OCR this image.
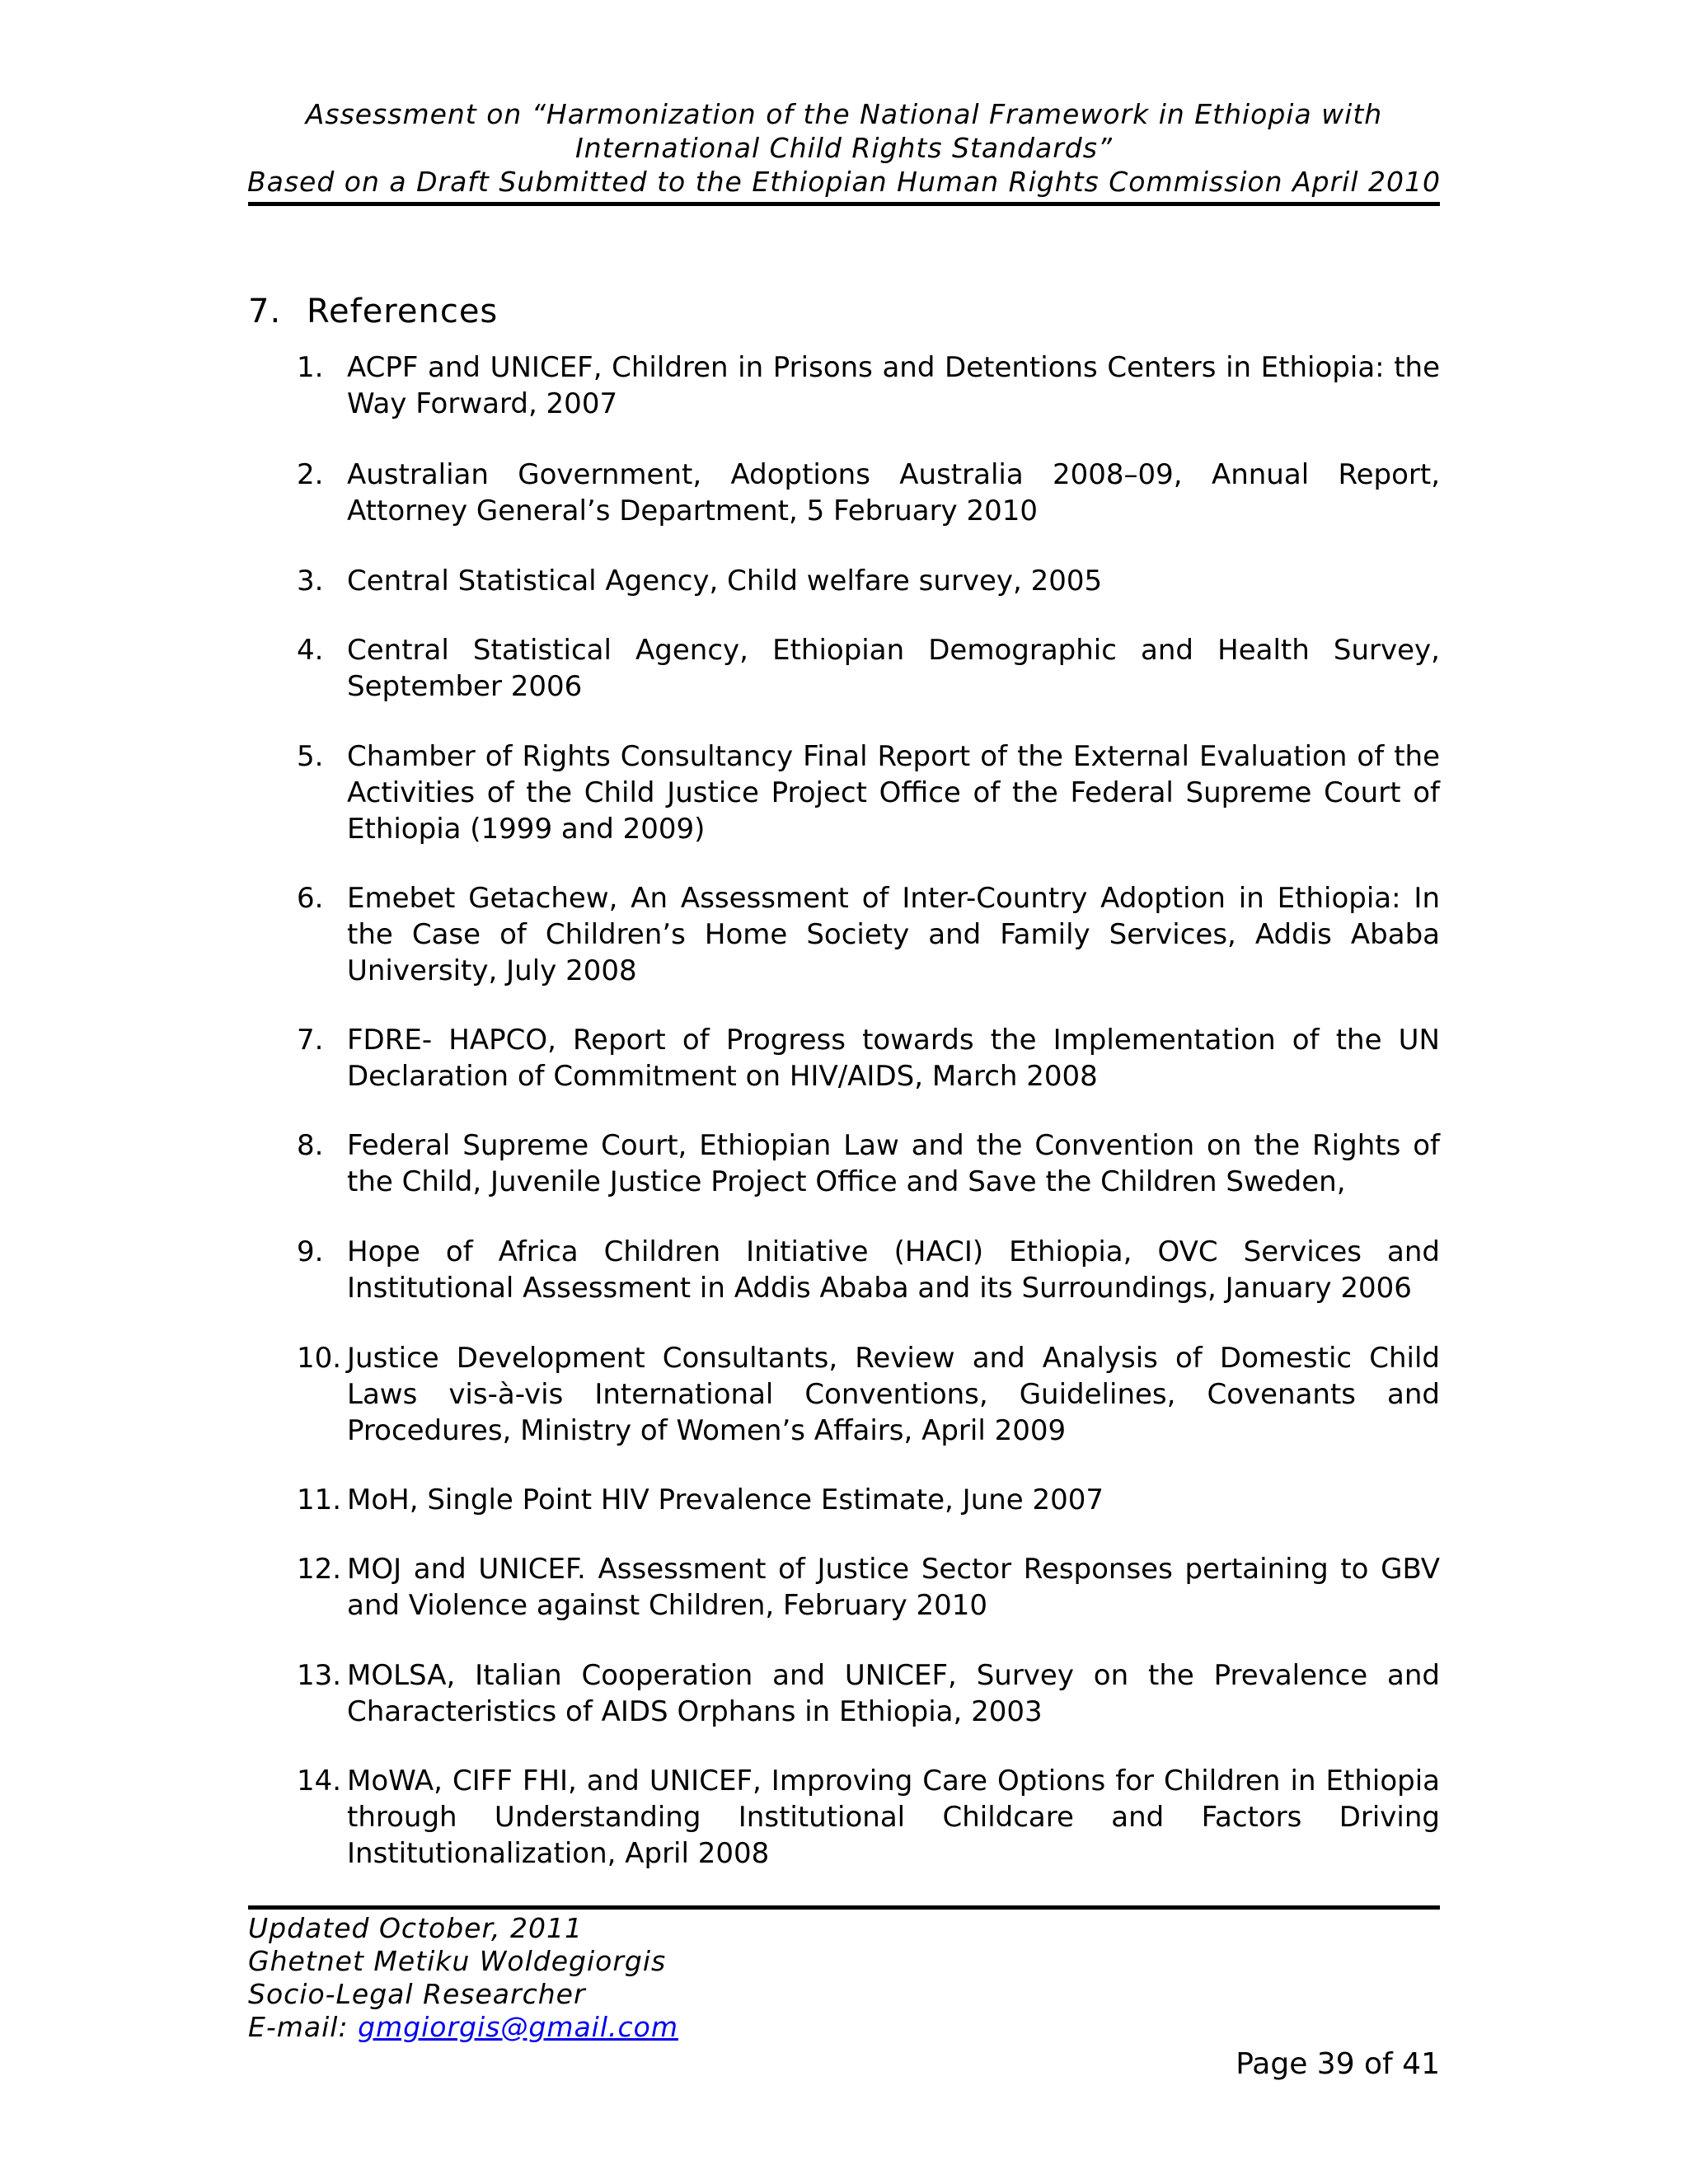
Assessment on “Harmonization of the National Framework in Ethiopia with
International Child Rights Standards”
Based on a Draft Submitted to the Ethiopian Human Rights Commission April 2010
7. References
1. ACPF and UNICEF, Children in Prisons and Detentions Centers in Ethiopia: the Way Forward, 2007
2. Australian Government, Adoptions Australia 2008–09, Annual Report, Attorney General’s Department, 5 February 2010
3. Central Statistical Agency, Child welfare survey, 2005
4. Central Statistical Agency, Ethiopian Demographic and Health Survey, September 2006
5. Chamber of Rights Consultancy Final Report of the External Evaluation of the Activities of the Child Justice Project Office of the Federal Supreme Court of Ethiopia (1999 and 2009)
6. Emebet Getachew, An Assessment of Inter-Country Adoption in Ethiopia: In the Case of Children’s Home Society and Family Services, Addis Ababa University, July 2008
7. FDRE- HAPCO, Report of Progress towards the Implementation of the UN Declaration of Commitment on HIV/AIDS, March 2008
8. Federal Supreme Court, Ethiopian Law and the Convention on the Rights of the Child, Juvenile Justice Project Office and Save the Children Sweden,
9. Hope of Africa Children Initiative (HACI) Ethiopia, OVC Services and Institutional Assessment in Addis Ababa and its Surroundings, January 2006
10. Justice Development Consultants, Review and Analysis of Domestic Child Laws vis-à-vis International Conventions, Guidelines, Covenants and Procedures, Ministry of Women’s Affairs, April 2009
11. MoH, Single Point HIV Prevalence Estimate, June 2007
12. MOJ and UNICEF. Assessment of Justice Sector Responses pertaining to GBV and Violence against Children, February 2010
13. MOLSA, Italian Cooperation and UNICEF, Survey on the Prevalence and Characteristics of AIDS Orphans in Ethiopia, 2003
14. MoWA, CIFF FHI, and UNICEF, Improving Care Options for Children in Ethiopia through Understanding Institutional Childcare and Factors Driving Institutionalization, April 2008
Updated October, 2011
Ghetnet Metiku Woldegiorgis
Socio-Legal Researcher
E-mail: gmgiorgis@gmail.com
Page 39 of 41
